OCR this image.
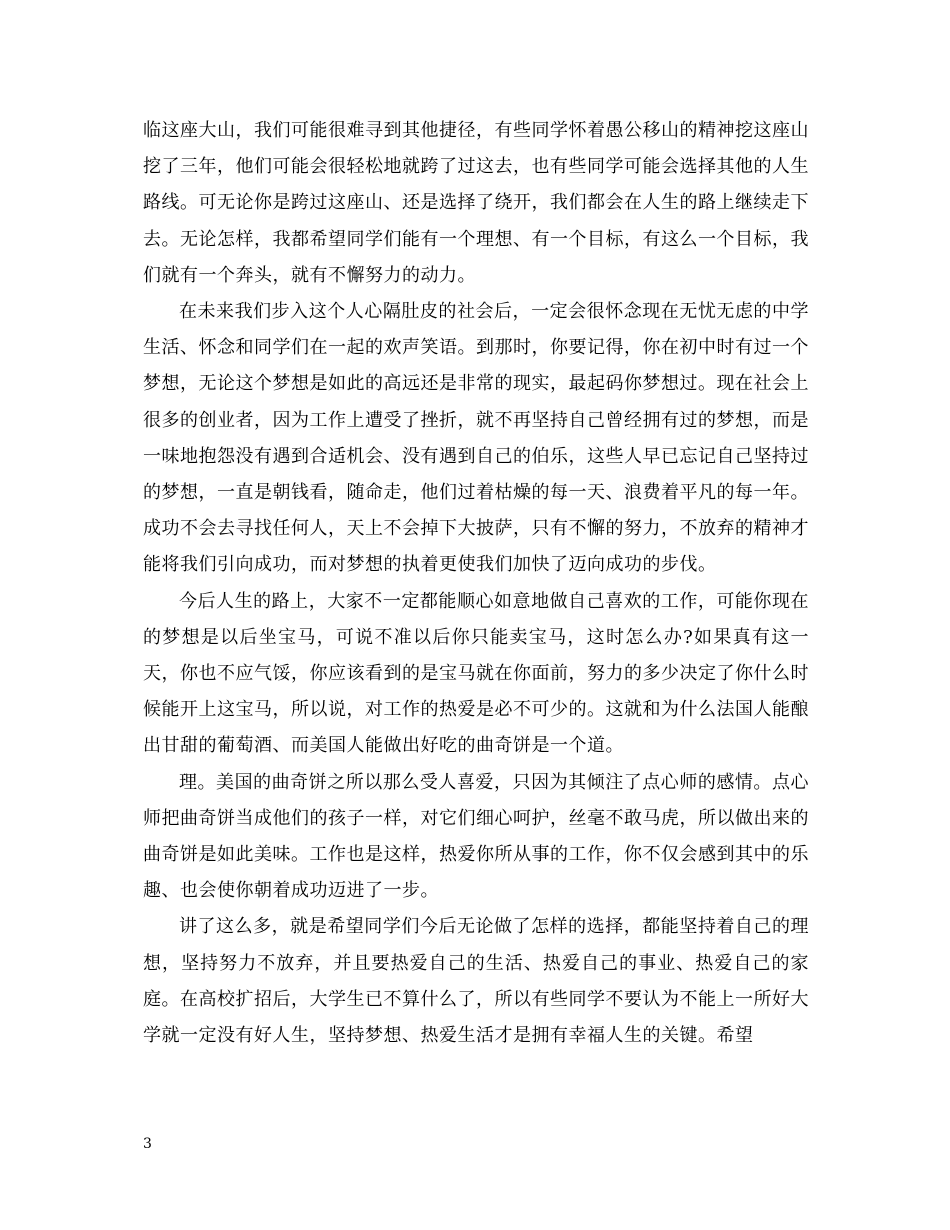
临这座大山，我们可能很难寻到其他捷径，有些同学怀着愚公移山的精神挖这座山挖了三年，他们可能会很轻松地就跨了过这去，也有些同学可能会选择其他的人生路线。可无论你是跨过这座山、还是选择了绕开，我们都会在人生的路上继续走下去。无论怎样，我都希望同学们能有一个理想、有一个目标，有这么一个目标，我们就有一个奔头，就有不懈努力的动力。

在未来我们步入这个人心隔肚皮的社会后，一定会很怀念现在无忧无虑的中学生活、怀念和同学们在一起的欢声笑语。到那时，你要记得，你在初中时有过一个梦想，无论这个梦想是如此的高远还是非常的现实，最起码你梦想过。现在社会上很多的创业者，因为工作上遭受了挫折，就不再坚持自己曾经拥有过的梦想，而是一味地抱怨没有遇到合适机会、没有遇到自己的伯乐，这些人早已忘记自己坚持过的梦想，一直是朝钱看，随命走，他们过着枯燥的每一天、浪费着平凡的每一年。成功不会去寻找任何人，天上不会掉下大披萨，只有不懈的努力，不放弃的精神才能将我们引向成功，而对梦想的执着更使我们加快了迈向成功的步伐。

今后人生的路上，大家不一定都能顺心如意地做自己喜欢的工作，可能你现在的梦想是以后坐宝马，可说不准以后你只能卖宝马，这时怎么办?如果真有这一天，你也不应气馁，你应该看到的是宝马就在你面前，努力的多少决定了你什么时候能开上这宝马，所以说，对工作的热爱是必不可少的。这就和为什么法国人能酿出甘甜的葡萄酒、而美国人能做出好吃的曲奇饼是一个道。

理。美国的曲奇饼之所以那么受人喜爱，只因为其倾注了点心师的感情。点心师把曲奇饼当成他们的孩子一样，对它们细心呵护，丝毫不敢马虎，所以做出来的曲奇饼是如此美味。工作也是这样，热爱你所从事的工作，你不仅会感到其中的乐趣、也会使你朝着成功迈进了一步。

讲了这么多，就是希望同学们今后无论做了怎样的选择，都能坚持着自己的理想，坚持努力不放弃，并且要热爱自己的生活、热爱自己的事业、热爱自己的家庭。在高校扩招后，大学生已不算什么了，所以有些同学不要认为不能上一所好大学就一定没有好人生，坚持梦想、热爱生活才是拥有幸福人生的关键。希望

3
